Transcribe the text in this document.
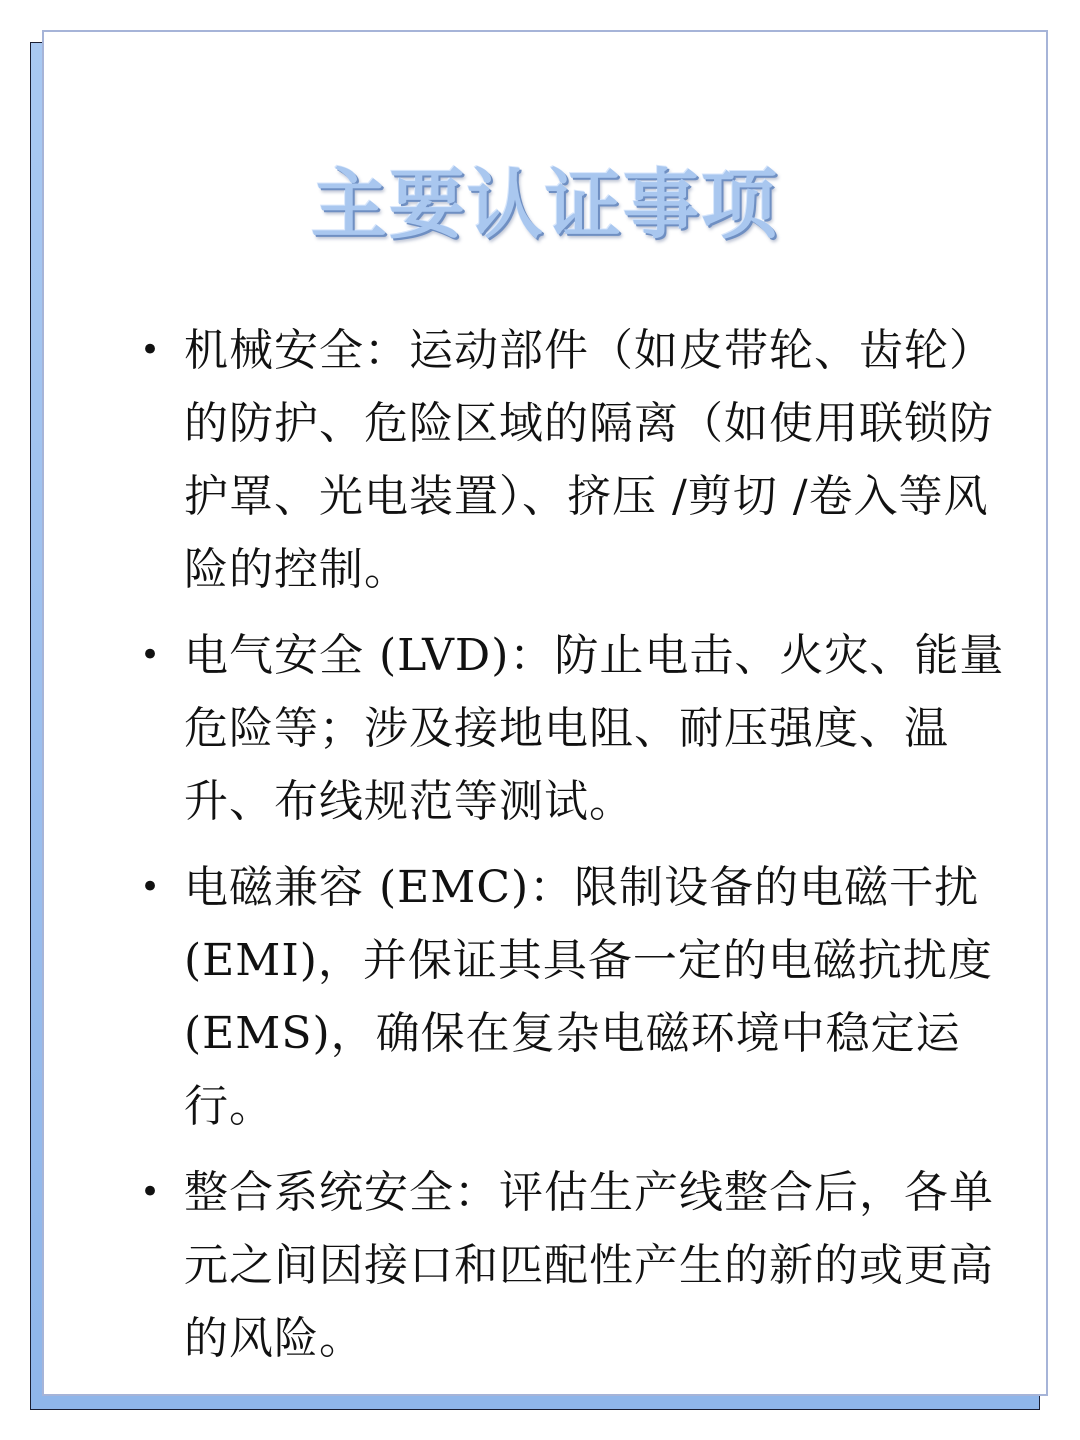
主要认证事项
• 机械安全：运动部件（如皮带轮、齿轮）的防护、危险区域的隔离（如使用联锁防护罩、光电装置）、挤压 /剪切 /卷入等风险的控制。
• 电气安全 (LVD)：防止电击、火灾、能量危险等；涉及接地电阻、耐压强度、温升、布线规范等测试。
• 电磁兼容 (EMC)：限制设备的电磁干扰 (EMI)，并保证其具备一定的电磁抗扰度 (EMS)，确保在复杂电磁环境中稳定运行。
• 整合系统安全：评估生产线整合后，各单元之间因接口和匹配性产生的新的或更高的风险。
